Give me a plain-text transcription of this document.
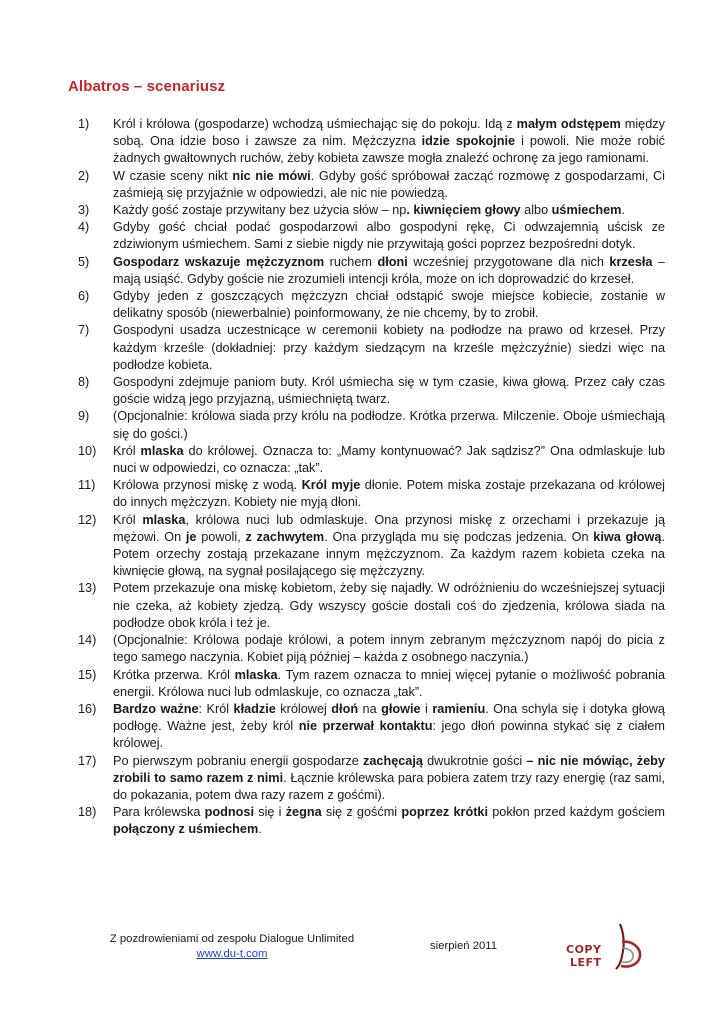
Albatros – scenariusz
1)	Król i królowa (gospodarze) wchodzą uśmiechając się do pokoju. Idą z małym odstępem między sobą. Ona idzie boso i zawsze za nim. Mężczyzna idzie spokojnie i powoli. Nie może robić żadnych gwałtownych ruchów, żeby kobieta zawsze mogła znaleźć ochronę za jego ramionami.
2)	W czasie sceny nikt nic nie mówi. Gdyby gość spróbował zacząć rozmowę z gospodarzami, Ci zaśmieją się przyjaźnie w odpowiedzi, ale nic nie powiedzą.
3)	Każdy gość zostaje przywitany bez użycia słów – np. kiwnięciem głowy albo uśmiechem.
4)	Gdyby gość chciał podać gospodarzowi albo gospodyni rękę, Ci odwzajemnią uścisk ze zdziwionym uśmiechem. Sami z siebie nigdy nie przywitają gości poprzez bezpośredni dotyk.
5)	Gospodarz wskazuje mężczyznom ruchem dłoni wcześniej przygotowane dla nich krzesła – mają usiąść. Gdyby goście nie zrozumieli intencji króla, może on ich doprowadzić do krzeseł.
6)	Gdyby jeden z goszczących mężczyzn chciał odstąpić swoje miejsce kobiecie, zostanie w delikatny sposób (niewerbalnie) poinformowany, że nie chcemy, by to zrobił.
7)	Gospodyni usadza uczestnicące w ceremonii kobiety na podłodze na prawo od krzeseł. Przy każdym krześle (dokładniej: przy każdym siedzącym na krześle mężczyźnie) siedzi więc na podłodze kobieta.
8)	Gospodyni zdejmuje paniom buty. Król uśmiecha się w tym czasie, kiwa głową. Przez cały czas goście widzą jego przyjazną, uśmiechniętą twarz.
9)	(Opcjonalnie: królowa siada przy królu na podłodze. Krótka przerwa. Milczenie. Oboje uśmiechają się do gości.)
10)	Król mlaska do królowej. Oznacza to: „Mamy kontynuować? Jak sądzisz?” Ona odmlaskuje lub nuci w odpowiedzi, co oznacza: „tak”.
11)	Królowa przynosi miskę z wodą. Król myje dłonie. Potem miska zostaje przekazana od królowej do innych mężczyzn. Kobiety nie myją dłoni.
12)	Król mlaska, królowa nuci lub odmlaskuje. Ona przynosi miskę z orzechami i przekazuje ją mężowi. On je powoli, z zachwytem. Ona przygląda mu się podczas jedzenia. On kiwa głową. Potem orzechy zostają przekazane innym mężczyznom. Za każdym razem kobieta czeka na kiwnięcie głową, na sygnał posilającego się mężczyzny.
13)	Potem przekazuje ona miskę kobietom, żeby się najadły. W odróżnieniu do wcześniejszej sytuacji nie czeka, aż kobiety zjedzą. Gdy wszyscy goście dostali coś do zjedzenia, królowa siada na podłodze obok króla i też je.
14)	(Opcjonalnie: Królowa podaje królowi, a potem innym zebranym mężczyznom napój do picia z tego samego naczynia. Kobiet piją później – każda z osobnego naczynia.)
15)	Krótka przerwa. Król mlaska. Tym razem oznacza to mniej więcej pytanie o możliwość pobrania energii. Królowa nuci lub odmlaskuje, co oznacza „tak”.
16)	Bardzo ważne: Król kładzie królowej dłoń na głowie i ramieniu. Ona schyla się i dotyka głową podłogę. Ważne jest, żeby król nie przerwał kontaktu: jego dłoń powinna stykać się z ciałem królowej.
17)	Po pierwszym pobraniu energii gospodarze zachęcają dwukrotnie gości – nic nie mówiąc, żeby zrobili to samo razem z nimi. Łącznie królewska para pobiera zatem trzy razy energię (raz sami, do pokazania, potem dwa razy razem z gośćmi).
18)	Para królewska podnosi się i żegna się z gośćmi poprzez krótki pokłon przed każdym gościem połączony z uśmiechem.
Z pozdrowieniami od zespołu Dialogue Unlimited
www.du-t.com
sierpień 2011	COPY
LEFT
